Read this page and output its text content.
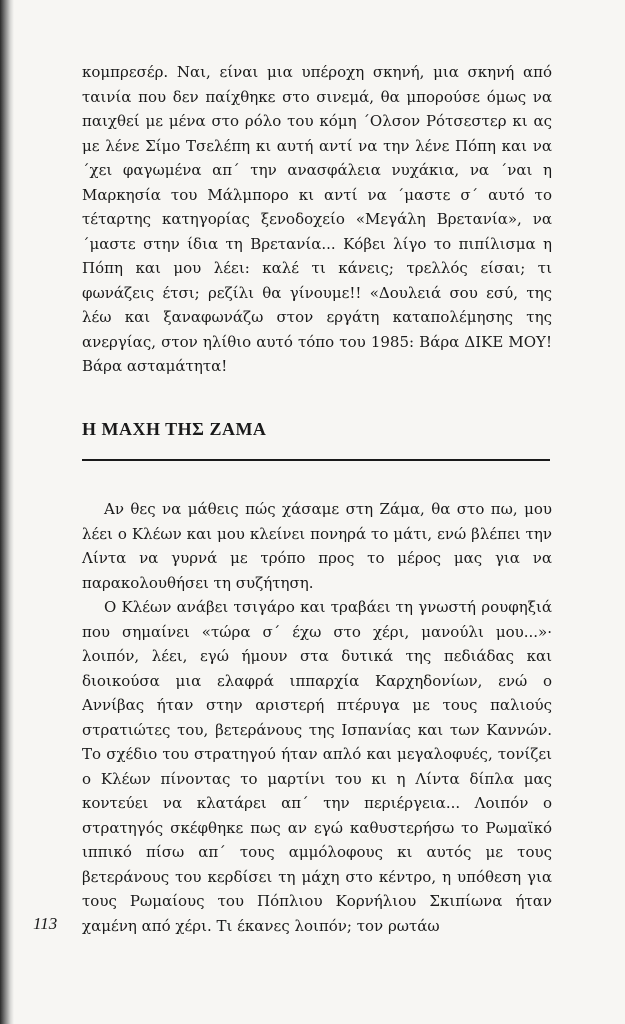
κομπρεσέρ. Ναι, είναι μια υπέροχη σκηνή, μια σκηνή από ταινία που δεν παίχθηκε στο σινεμά, θα μπορούσε όμως να παιχθεί με μένα στο ρόλο του κόμη ΄Ολσον Ρότσεστερ κι ας με λένε Σίμο Τσελέπη κι αυτή αντί να την λένε Πόπη και να ΄χει φαγωμένα απ΄ την ανασφάλεια νυχάκια, να ΄ναι η Μαρκησία του Μάλμπορο κι αντί να ΄μαστε σ΄ αυτό το τέταρτης κατηγορίας ξενοδοχείο «Μεγάλη Βρετανία», να ΄μαστε στην ίδια τη Βρετανία... Κόβει λίγο το πιπίλισμα η Πόπη και μου λέει: καλέ τι κάνεις; τρελλός είσαι; τι φωνάζεις έτσι; ρεζίλι θα γίνουμε!! «Δουλειά σου εσύ, της λέω και ξαναφωνάζω στον εργάτη καταπολέμησης της ανεργίας, στον ηλίθιο αυτό τόπο του 1985: Βάρα ΔΙΚΕ ΜΟΥ! Βάρα ασταμάτητα!

Η ΜΑΧΗ ΤΗΣ ΖΑΜΑ

Αν θες να μάθεις πώς χάσαμε στη Ζάμα, θα στο πω, μου λέει ο Κλέων και μου κλείνει πονηρά το μάτι, ενώ βλέπει την Λίντα να γυρνά με τρόπο προς το μέρος μας για να παρακολουθήσει τη συζήτηση.

Ο Κλέων ανάβει τσιγάρο και τραβάει τη γνωστή ρουφηξιά που σημαίνει «τώρα σ΄ έχω στο χέρι, μανούλι μου...»· λοιπόν, λέει, εγώ ήμουν στα δυτικά της πεδιάδας και διοικούσα μια ελαφρά ιππαρχία Καρχηδονίων, ενώ ο Αννίβας ήταν στην αριστερή πτέρυγα με τους παλιούς στρατιώτες του, βετεράνους της Ισπανίας και των Καννών. Το σχέδιο του στρατηγού ήταν απλό και μεγαλοφυές, τονίζει ο Κλέων πίνοντας το μαρτίνι του κι η Λίντα δίπλα μας κοντεύει να κλατάρει απ΄ την περιέργεια... Λοιπόν ο στρατηγός σκέφθηκε πως αν εγώ καθυστερήσω το Ρωμαϊκό ιππικό πίσω απ΄ τους αμμόλοφους κι αυτός με τους βετεράνους του κερδίσει τη μάχη στο κέντρο, η υπόθεση για τους Ρωμαίους του Πόπλιου Κορνήλιου Σκιπίωνα ήταν χαμένη από χέρι. Τι έκανες λοιπόν; τον ρωτάω

113
